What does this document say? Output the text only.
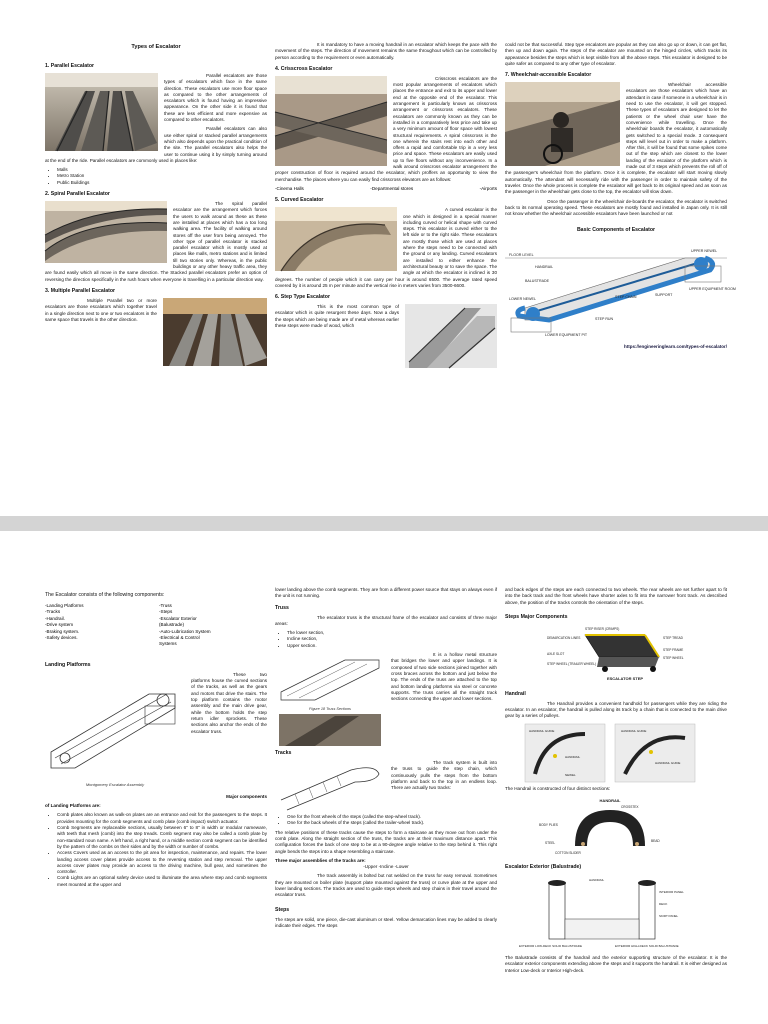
Types of Escalator
1. Parallel Escalator

Parallel escalators are those types of escalators which face in the same direction. These escalators use more floor space as compared to the other arrangements of escalators which is found having an impressive appearance. On the other side it is found that these are less efficient and more expensive as compared to other escalators.

Parallel escalators can also use either spiral or stacked parallel arrangements which also depends upon the practical condition of the site. The parallel escalators also helps the user to continue using it by simply turning around at the end of the ride. Parallel escalators are commonly used in places like:

• Malls
• Metro Station
• Public Buildings
2. Spiral Parallel Escalator

The spiral parallel escalator are the arrangement which forces the users to walk around as these as these are installed at places which has a too long walking area. The facility of walking around stores off the user from being annoyed. The other type of parallel escalator is stacked parallel escalator which is mostly used at places like malls, metro stations and is limited till two stories only. Whereas, in the public buildings or any other heavy traffic area, they are found easily which all move in the same direction. The Stacked parallel escalators prefer an option of reversing the direction specifically in the rush hours when everyone is travelling in a particular direction way.

3. Multiple Parallel Escalator

Multiple Parallel two or more escalators are those escalators which together travel in a single direction next to one or two escalators in the same space that travels in the other direction.

It is mandatory to have a moving handrail in an escalator which keeps the pace with the movement of the steps. The direction of movement remains the same throughout which can be controlled by person according to the requirement or even automatically.

4. Crisscross Escalator

Crisscross escalators are the most popular arrangements of escalators which places the entrance and exit to its upper and lower end at the opposite end of the escalator. This arrangement is particularly known as crisscross arrangement or crisscross escalators. These escalators are commonly known as they can be installed in a comparatively less price and take up a very minimum amount of floor space with lowest structural requirements. A spiral crisscross is the one wherein the stairs rest into each other and offers a rapid and comfortable trip in a very less price and space. These escalators are easily used up to five floors without any inconvenience. In a walk around crisscross escalator arrangement the proper construction of floor is required around the escalator, which proffers an opportunity to view the merchandise. The places where you can easily find crisscross elevators are as follows:

-Cinema Halls	-Departmental stores	-Airports
5. Curved Escalator

A curved escalator is the one which is designed in a special manner including curved or helical shape with curved steps. This escalator is curved either to the left side or to the right side. These escalators are mostly those which are used at places where the steps need to be connected with the ground or any landing. Curved escalators are installed to either enhance the architectural beauty or to save the space. The angle at which the escalator is inclined is 30 degrees. The number of people which it can carry per hour is around 6500. The average rated speed covered by it is around 25 m per minute and the vertical rise in meters varies from 3500-6600.

6. Step Type Escalator

This is the most common type of escalator which is quite resurgent these days. Now a days the steps which are being made are of metal whereas earlier these steps were made of wood, which

could not be that successful. Step type escalators are popular as they can also go up or down, it can get flat, then up and down again. The steps of the escalator are mounted on the hinged circles, which tracks its appearance besides the steps which is kept visible from all the above steps. This escalator is designed to be quite safer as compared to any other type of escalator.

7. Wheelchair-accessible Escalator

Wheelchair accessible escalators are those escalators which have an attendant in case if someone in a wheelchair is in need to use the escalator, it will get stopped. These types of escalators are designed to let the patients or the wheel chair user have the convenience while travelling. Once the wheelchair boards the escalator, it automatically gets switched to a special mode. 3 consequent steps will level out in order to make a platform. After this, it will be found that some spikes come out of the step which are closest to the lower landing of the escalator of the platform which is made out of 3 steps which prevents the roll off of the passenger's wheelchair from the platform. Once it is complete, the escalator will start moving slowly automatically. The attendant will necessarily ride with the passenger in order to maintain safety of the traveler. Once the whole process is complete the escalator will get back to its original speed and as soon as the passenger in the wheelchair gets close to the top, the escalator will slow down.

Once the passenger in the wheelchair de-boards the escalator, the escalator is switched back to its normal operating speed. These escalators are mostly found and installed in Japan only. It is still not know whether the wheelchair accessible escalators have been launched or not

Basic Components of Escalator
FLOOR LEVEL
HANDRAIL
BALUSTRADE
LOWER NEWEL	STEP CHAIN
UPPER NEWEL
UPPER EQUIPMENT ROOM
SUPPORT
STEP RUN
LOWER EQUIPMENT PIT
https://engineeringlearn.com/types-of-escalator/
The Escalator consists of the following components:
-Landing Platforms
-Tracks
-Handrail.
-Drive system
-Braking system.
-Safety devices.
-Truss
-Steps
-Escalator Exterior (Balustrade)
-Auto-Lubrication System
-Electrical & Control Systems
Landing Platforms
Montgomery Escalator Assembly

These two platforms house the curved sections of the tracks, as well as the gears and motors that drive the stairs. The top platform contains the motor assembly and the main drive gear, while the bottom holds the step return idler sprockets. These sections also anchor the ends of the escalator truss.

Major components

of Landing Platforms are:

• Comb plates also known as walk-on plates are an entrance and exit for the passengers to the steps. It provides mounting for the comb segments and comb plate (comb impact) switch actuator.
• Comb Segments are replaceable sections, usually between 6" to 8" in width or modular nameware, with teeth that mesh (comb) into the step treads. Comb segment may also be called a comb plate by non-standard noun name. A left hand, a right hand, or a middle section comb segment can be identified by the pattern of the combs on their sides and by the width or number of combs.
• Access Covers used as an access to the pit area for inspection, maintenance, and repairs. The lower landing access cover plates provide access to the reversing station and step removal. The upper access cover plates may provide an access to the driving machine, bull gear, and sometimes the controller.
• Comb Lights are an optional safety device used to illuminate the area where step and comb segments meet mounted at the upper and

lower landing above the comb segments. They are from a different power source that stays on always even if the unit is not running.

Truss

The escalator truss is the structural frame of the escalator and consists of three major areas:

• The lower section,
• Incline section,
• Upper section.
Figure 18 Truss Sections

It is a hollow metal structure that bridges the lower and upper landings. It is composed of two side sections joined together with cross braces across the bottom and just below the top. The ends of the truss are attached to the top and bottom landing platforms via steel or concrete supports. The truss carries all the straight track sections connecting the upper and lower sections.

Tracks

The track system is built into the truss to guide the step chain, which continuously pulls the steps from the bottom platform and back to the top in an endless loop. There are actually two tracks:

• One for the front wheels of the steps (called the step-wheel track).
• One for the back wheels of the steps (called the trailer-wheel track).

The relative positions of these tracks cause the steps to form a staircase as they move out from under the comb plate. Along the straight section of the truss, the tracks are at their maximum distance apart. This configuration forces the back of one step to be at a 90-degree angle relative to the step behind it. This right angle bends the steps into a shape resembling a staircase.

Three major assemblies of the tracks are:

-Upper -Incline -Lower

The track assembly is bolted but not welded on the truss for easy removal. Sometimes they are mounted on boiler plate (support plate mounted against the truss) or curve plate at the upper and lower landing sections. The tracks are used to guide steps wheels and step chains in their travel around the escalator truss.

Steps

The steps are solid, one piece, die-cast aluminum or steel. Yellow demarcation lines may be added to clearly indicate their edges. The steps

and back edges of the steps are each connected to two wheels. The rear wheels are set further apart to fit into the back track and the front wheels have shorter axles to fit into the narrower front track. As described above, the position of the tracks controls the orientation of the steps.

Steps Major Components
STEP RISER (CRIMPS)
DEMARCATION LINES	STEP TREAD
AXLE SLOT
STEP FRAME
STEP WHEEL
STEP WHEEL (TRAILER WHEEL)
ESCALATOR STEP
Handrail

The Handrail provides a convenient handhold for passengers while they are riding the escalator. In an escalator, the handrail is pulled along its track by a chain that is connected to the main drive gear by a series of pulleys.

HANDRAIL GUIDE	HANDRAIL GUIDE
HANDRAIL
HANDRAIL GUIDE
NEWEL

The Handrail is constructed of four distinct sections:

HANDRAIL
CROSSTEX
BODY PLIES
STEEL
COTTON SLIDER
BEAD
Escalator Exterior (Balustrade)
HANDRAIL
INTERIOR PANEL
DECK
SKIRT PANEL
EXTERIOR LOW-DECK SOLID BALUSTRADE	EXTERIOR HIGH-DECK SOLID BALUSTRADE

The Balustrade consists of the handrail and the exterior supporting structure of the escalator. It is the escalator exterior components extending above the steps and it supports the handrail. It is either designed as Interior Low-deck or Interior High-deck.
